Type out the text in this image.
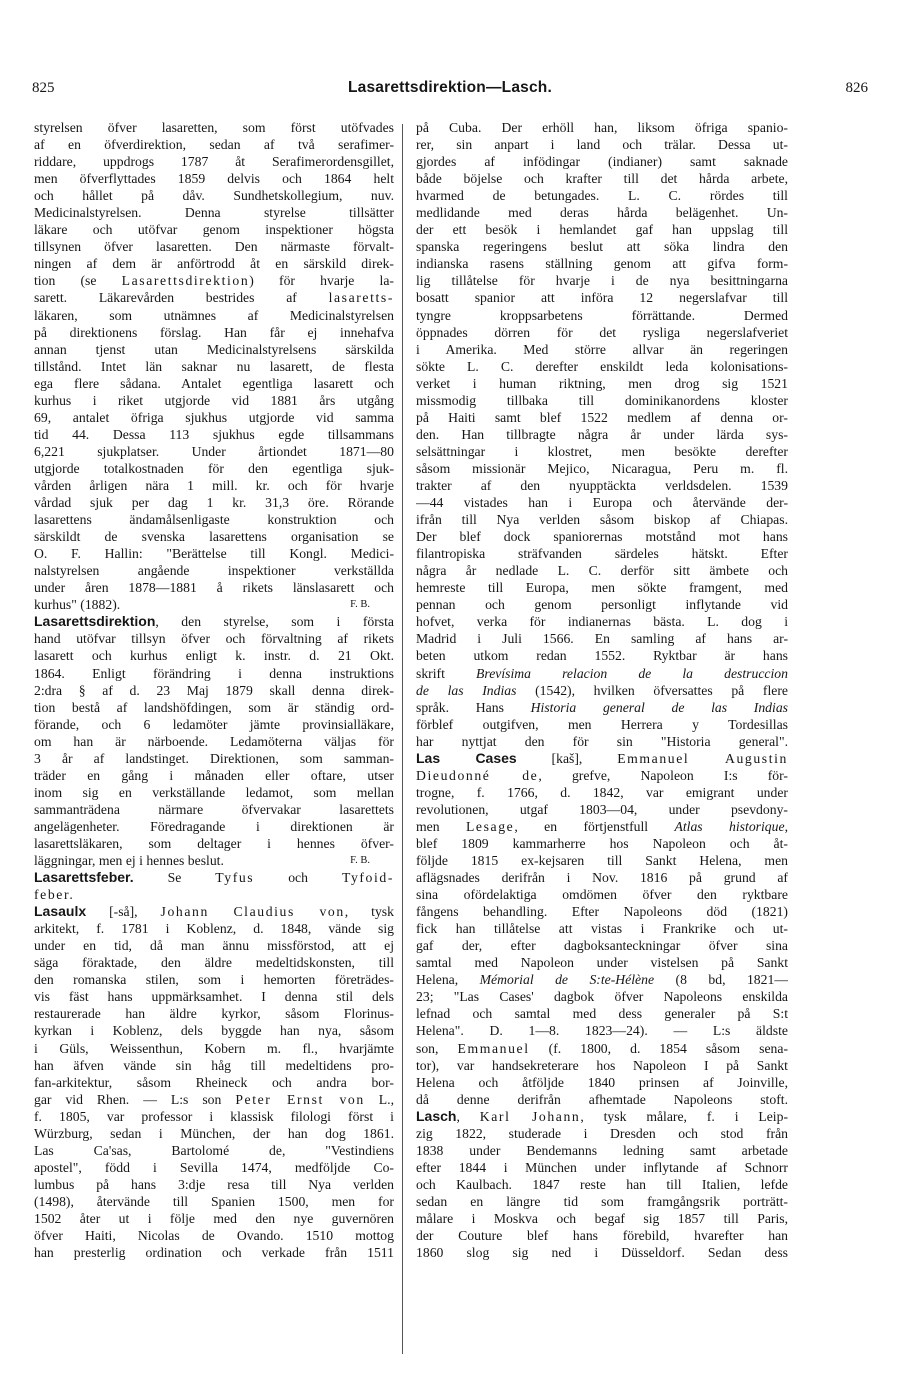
825	Lasarettsdirektion—Lasch.	826
styrelsen öfver lasaretten, som först utöfvades
af en öfverdirektion, sedan af två serafimer-
riddare, uppdrogs 1787 åt Serafimerordensgillet,
men öfverflyttades 1859 delvis och 1864 helt
och hållet på dåv. Sundhetskollegium, nuv.
Medicinalstyrelsen. Denna styrelse tillsätter
läkare och utöfvar genom inspektioner högsta
tillsynen öfver lasaretten. Den närmaste förvalt-
ningen af dem är anförtrodd åt en särskild direk-
tion (se Lasarettsdirektion) för hvarje la-
sarett. Läkarevården bestrides af lasaretts-
läkaren, som utnämnes af Medicinalstyrelsen
på direktionens förslag. Han får ej innehafva
annan tjenst utan Medicinalstyrelsens särskilda
tillstånd. Intet län saknar nu lasarett, de flesta
ega flere sådana. Antalet egentliga lasarett och
kurhus i riket utgjorde vid 1881 års utgång
69, antalet öfriga sjukhus utgjorde vid samma
tid 44. Dessa 113 sjukhus egde tillsammans
6,221 sjukplatser. Under årtiondet 1871—80
utgjorde totalkostnaden för den egentliga sjuk-
vården årligen nära 1 mill. kr. och för hvarje
vårdad sjuk per dag 1 kr. 31,3 öre. Rörande
lasarettens ändamålsenligaste konstruktion och
särskildt de svenska lasarettens organisation se
O. F. Hallin: "Berättelse till Kongl. Medici-
nalstyrelsen angående inspektioner verkställda
under åren 1878—1881 å rikets länslasarett och
kurhus" (1882).	F. B.
Lasarettsdirektion, den styrelse, som i första
hand utöfvar tillsyn öfver och förvaltning af rikets
lasarett och kurhus enligt k. instr. d. 21 Okt.
1864. Enligt förändring i denna instruktions
2:dra § af d. 23 Maj 1879 skall denna direk-
tion bestå af landshöfdingen, som är ständig ord-
förande, och 6 ledamöter jämte provinsialläkare,
om han är närboende. Ledamöterna väljas för
3 år af landstinget. Direktionen, som samman-
träder en gång i månaden eller oftare, utser
inom sig en verkställande ledamot, som mellan
sammanträdena närmare öfvervakar lasarettets
angelägenheter. Föredragande i direktionen är
lasarettsläkaren, som deltager i hennes öfver-
läggningar, men ej i hennes beslut.	F. B.
Lasarettsfeber. Se Tyfus och Tyfoid-
feber.
Lasaulx [-så], Johann Claudius von, tysk
arkitekt, f. 1781 i Koblenz, d. 1848, vände sig
under en tid, då man ännu missförstod, att ej
säga föraktade, den äldre medeltidskonsten, till
den romanska stilen, som i hemorten företrädes-
vis fäst hans uppmärksamhet. I denna stil dels
restaurerade han äldre kyrkor, såsom Florinus-
kyrkan i Koblenz, dels byggde han nya, såsom
i Güls, Weissenthun, Kobern m. fl., hvarjämte
han äfven vände sin håg till medeltidens pro-
fan-arkitektur, såsom Rheineck och andra bor-
gar vid Rhen. — L:s son Peter Ernst von L.,
f. 1805, var professor i klassisk filologi först i
Würzburg, sedan i München, der han dog 1861.
Las Ca'sas, Bartolomé de, "Vestindiens
apostel", född i Sevilla 1474, medföljde Co-
lumbus på hans 3:dje resa till Nya verlden
(1498), återvände till Spanien 1500, men for
1502 åter ut i följe med den nye guvernören
öfver Haiti, Nicolas de Ovando. 1510 mottog
han presterlig ordination och verkade från 1511
på Cuba. Der erhöll han, liksom öfriga spanio-
rer, sin anpart i land och trälar. Dessa ut-
gjordes af infödingar (indianer) samt saknade
både böjelse och krafter till det hårda arbete,
hvarmed de betungades. L. C. rördes till
medlidande med deras hårda belägenhet. Un-
der ett besök i hemlandet gaf han uppslag till
spanska regeringens beslut att söka lindra den
indianska rasens ställning genom att gifva form-
lig tillåtelse för hvarje i de nya besittningarna
bosatt spanior att införa 12 negerslafvar till
tyngre kroppsarbetens förrättande. Dermed
öppnades dörren för det rysliga negerslafveriet
i Amerika. Med större allvar än regeringen
sökte L. C. derefter enskildt leda kolonisations-
verket i human riktning, men drog sig 1521
missmodig tillbaka till dominikanordens kloster
på Haiti samt blef 1522 medlem af denna or-
den. Han tillbragte några år under lärda sys-
selsättningar i klostret, men besökte derefter
såsom missionär Mejico, Nicaragua, Peru m. fl.
trakter af den nyupptäckta verldsdelen. 1539
—44 vistades han i Europa och återvände der-
ifrån till Nya verlden såsom biskop af Chiapas.
Der blef dock spaniorernas motstånd mot hans
filantropiska sträfvanden särdeles hätskt. Efter
några år nedlade L. C. derför sitt ämbete och
hemreste till Europa, men sökte framgent, med
pennan och genom personligt inflytande vid
hofvet, verka för indianernas bästa. L. dog i
Madrid i Juli 1566. En samling af hans ar-
beten utkom redan 1552. Ryktbar är hans
skrift Brevísima relacion de la destruccion
de las Indias (1542), hvilken öfversattes på flere
språk. Hans Historia general de las Indias
förblef outgifven, men Herrera y Tordesillas
har nyttjat den för sin "Historia general".
Las Cases [kaš], Emmanuel Augustin
Dieudonné de, grefve, Napoleon I:s för-
trogne, f. 1766, d. 1842, var emigrant under
revolutionen, utgaf 1803—04, under psevdony-
men Lesage, en förtjenstfull Atlas historique,
blef 1809 kammarherre hos Napoleon och åt-
följde 1815 ex-kejsaren till Sankt Helena, men
aflägsnades derifrån i Nov. 1816 på grund af
sina ofördelaktiga omdömen öfver den ryktbare
fångens behandling. Efter Napoleons död (1821)
fick han tillåtelse att vistas i Frankrike och ut-
gaf der, efter dagboksanteckningar öfver sina
samtal med Napoleon under vistelsen på Sankt
Helena, Mémorial de S:te-Hélène (8 bd, 1821—
23; "Las Cases' dagbok öfver Napoleons enskilda
lefnad och samtal med dess generaler på S:t
Helena". D. 1—8. 1823—24). — L:s äldste
son, Emmanuel (f. 1800, d. 1854 såsom sena-
tor), var handsekreterare hos Napoleon I på Sankt
Helena och åtföljde 1840 prinsen af Joinville,
då denne derifrån afhemtade Napoleons stoft.
Lasch, Karl Johann, tysk målare, f. i Leip-
zig 1822, studerade i Dresden och stod från
1838 under Bendemanns ledning samt arbetade
efter 1844 i München under inflytande af Schnorr
och Kaulbach. 1847 reste han till Italien, lefde
sedan en längre tid som framgångsrik porträtt-
målare i Moskva och begaf sig 1857 till Paris,
der Couture blef hans förebild, hvarefter han
1860 slog sig ned i Düsseldorf. Sedan dess
